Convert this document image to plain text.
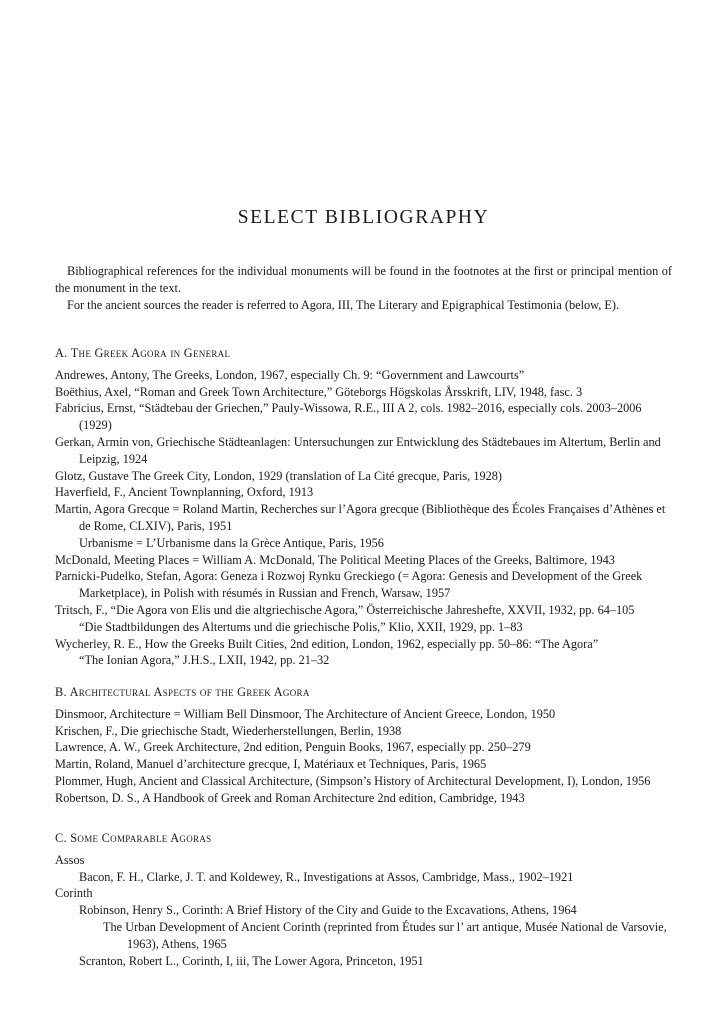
SELECT BIBLIOGRAPHY

Bibliographical references for the individual monuments will be found in the footnotes at the first or principal mention of the monument in the text.

For the ancient sources the reader is referred to Agora, III, The Literary and Epigraphical Testimonia (below, E).

A. The Greek Agora in General

Andrewes, Antony, The Greeks, London, 1967, especially Ch. 9: “Government and Lawcourts”

Boëthius, Axel, “Roman and Greek Town Architecture,” Göteborgs Högskolas Årsskrift, LIV, 1948, fasc. 3

Fabricius, Ernst, “Städtebau der Griechen,” Pauly-Wissowa, R.E., III A 2, cols. 1982–2016, especially cols. 2003–2006 (1929)

Gerkan, Armin von, Griechische Städteanlagen: Untersuchungen zur Entwicklung des Städtebaues im Altertum, Berlin and Leipzig, 1924

Glotz, Gustave The Greek City, London, 1929 (translation of La Cité grecque, Paris, 1928)

Haverfield, F., Ancient Townplanning, Oxford, 1913

Martin, Agora Grecque = Roland Martin, Recherches sur l’Agora grecque (Bibliothèque des Écoles Françaises d’Athènes et de Rome, CLXIV), Paris, 1951

Urbanisme = L’Urbanisme dans la Grèce Antique, Paris, 1956

McDonald, Meeting Places = William A. McDonald, The Political Meeting Places of the Greeks, Baltimore, 1943

Parnicki-Pudelko, Stefan, Agora: Geneza i Rozwoj Rynku Greckiego (= Agora: Genesis and Development of the Greek Marketplace), in Polish with résumés in Russian and French, Warsaw, 1957

Tritsch, F., “Die Agora von Elis und die altgriechische Agora,” Österreichische Jahreshefte, XXVII, 1932, pp. 64–105

“Die Stadtbildungen des Altertums und die griechische Polis,” Klio, XXII, 1929, pp. 1–83

Wycherley, R. E., How the Greeks Built Cities, 2nd edition, London, 1962, especially pp. 50–86: “The Agora”

“The Ionian Agora,” J.H.S., LXII, 1942, pp. 21–32

B. Architectural Aspects of the Greek Agora

Dinsmoor, Architecture = William Bell Dinsmoor, The Architecture of Ancient Greece, London, 1950

Krischen, F., Die griechische Stadt, Wiederherstellungen, Berlin, 1938

Lawrence, A. W., Greek Architecture, 2nd edition, Penguin Books, 1967, especially pp. 250–279

Martin, Roland, Manuel d’architecture grecque, I, Matériaux et Techniques, Paris, 1965

Plommer, Hugh, Ancient and Classical Architecture, (Simpson’s History of Architectural Development, I), London, 1956

Robertson, D. S., A Handbook of Greek and Roman Architecture 2nd edition, Cambridge, 1943

C. Some Comparable Agoras

Assos

Bacon, F. H., Clarke, J. T. and Koldewey, R., Investigations at Assos, Cambridge, Mass., 1902–1921

Corinth

Robinson, Henry S., Corinth: A Brief History of the City and Guide to the Excavations, Athens, 1964

The Urban Development of Ancient Corinth (reprinted from Études sur l’ art antique, Musée National de Varsovie, 1963), Athens, 1965

Scranton, Robert L., Corinth, I, iii, The Lower Agora, Princeton, 1951
